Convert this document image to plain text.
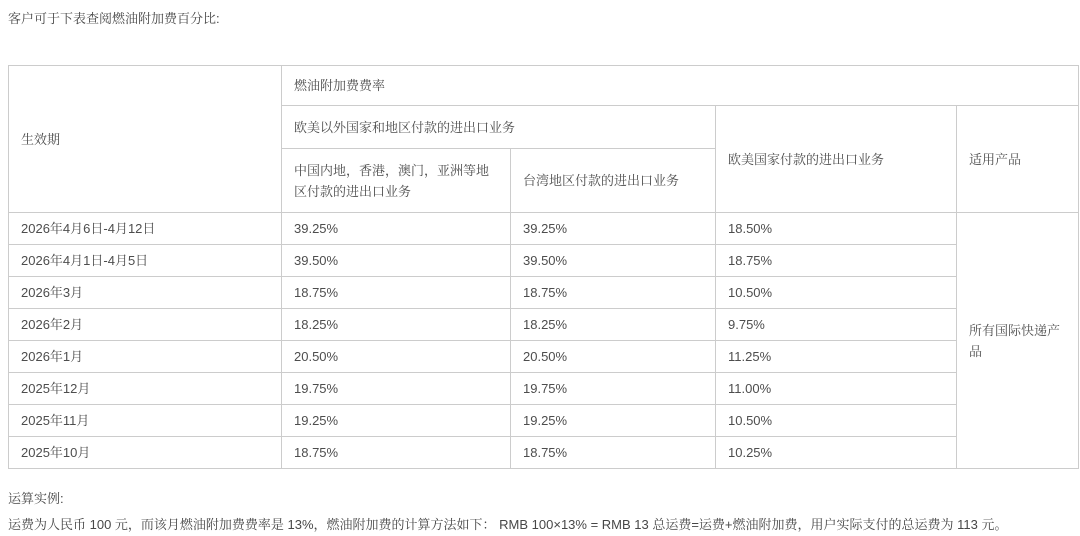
客户可于下表查阅燃油附加费百分比:
生效期	燃油附加费费率			
	欧美以外国家和地区付款的进出口业务		欧美国家付款的进出口业务	适用产品
	中国内地，香港，澳门，亚洲等地区付款的进出口业务	台湾地区付款的进出口业务		
2026年4月6日-4月12日	39.25%	39.25%	18.50%	所有国际快递产品
2026年4月1日-4月5日	39.50%	39.50%	18.75%	
2026年3月	18.75%	18.75%	10.50%	
2026年2月	18.25%	18.25%	9.75%	
2026年1月	20.50%	20.50%	11.25%	
2025年12月	19.75%	19.75%	11.00%	
2025年11月	19.25%	19.25%	10.50%	
2025年10月	18.75%	18.75%	10.25%	
运算实例:
运费为人民币 100 元，而该月燃油附加费费率是 13%，燃油附加费的计算方法如下： RMB 100×13% = RMB 13 总运费=运费+燃油附加费，用户实际支付的总运费为 113 元。
